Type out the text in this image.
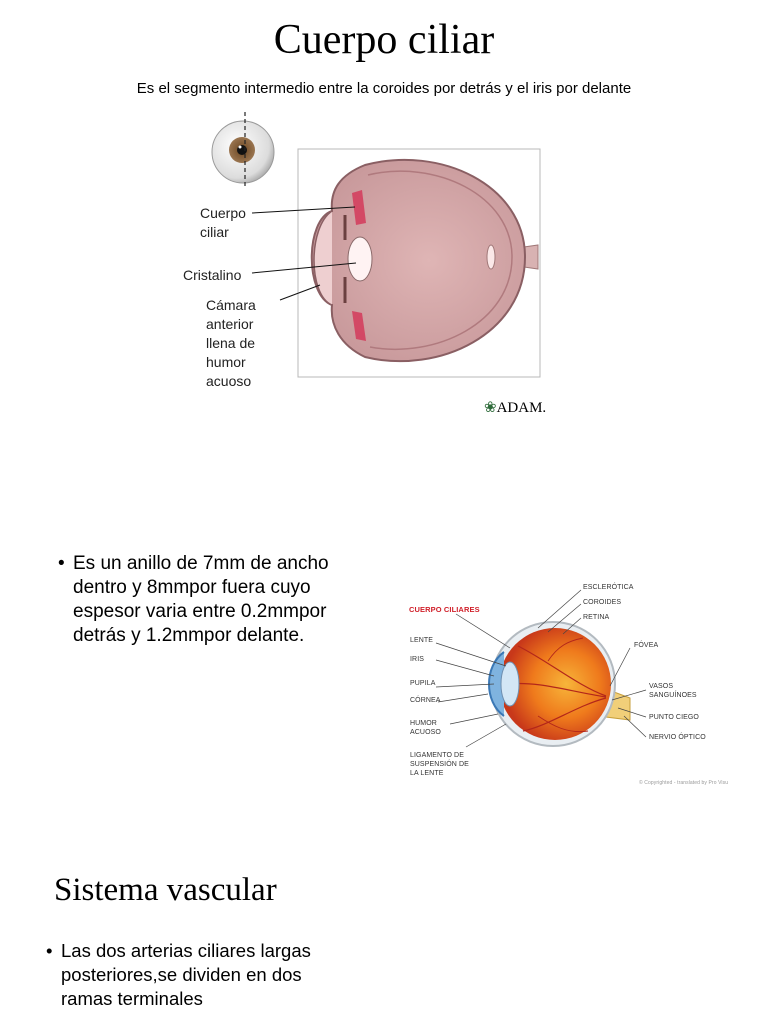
Cuerpo ciliar
Es el segmento intermedio entre la coroides por detrás y el iris por delante
Cuerpo
ciliar
Cristalino
Cámara
anterior
llena de
humor
acuoso
❀ADAM.
• Es un anillo de 7mm de ancho
dentro y 8mmpor fuera cuyo
espesor varia entre 0.2mmpor
detrás y 1.2mmpor delante.
CUERPO CILIARES
LENTE
IRIS
PUPILA
CÓRNEA
HUMOR
ACUOSO
LIGAMENTO DE
SUSPENSIÓN DE
LA LENTE
ESCLERÓTICA
COROIDES
RETINA
FÓVEA
VASOS
SANGUÍNOES
PUNTO CIEGO
NERVIO ÓPTICO
© Copyrighted - translated by Pro Visu
Sistema vascular
• Las dos arterias ciliares largas
posteriores,se dividen en dos
ramas terminales
